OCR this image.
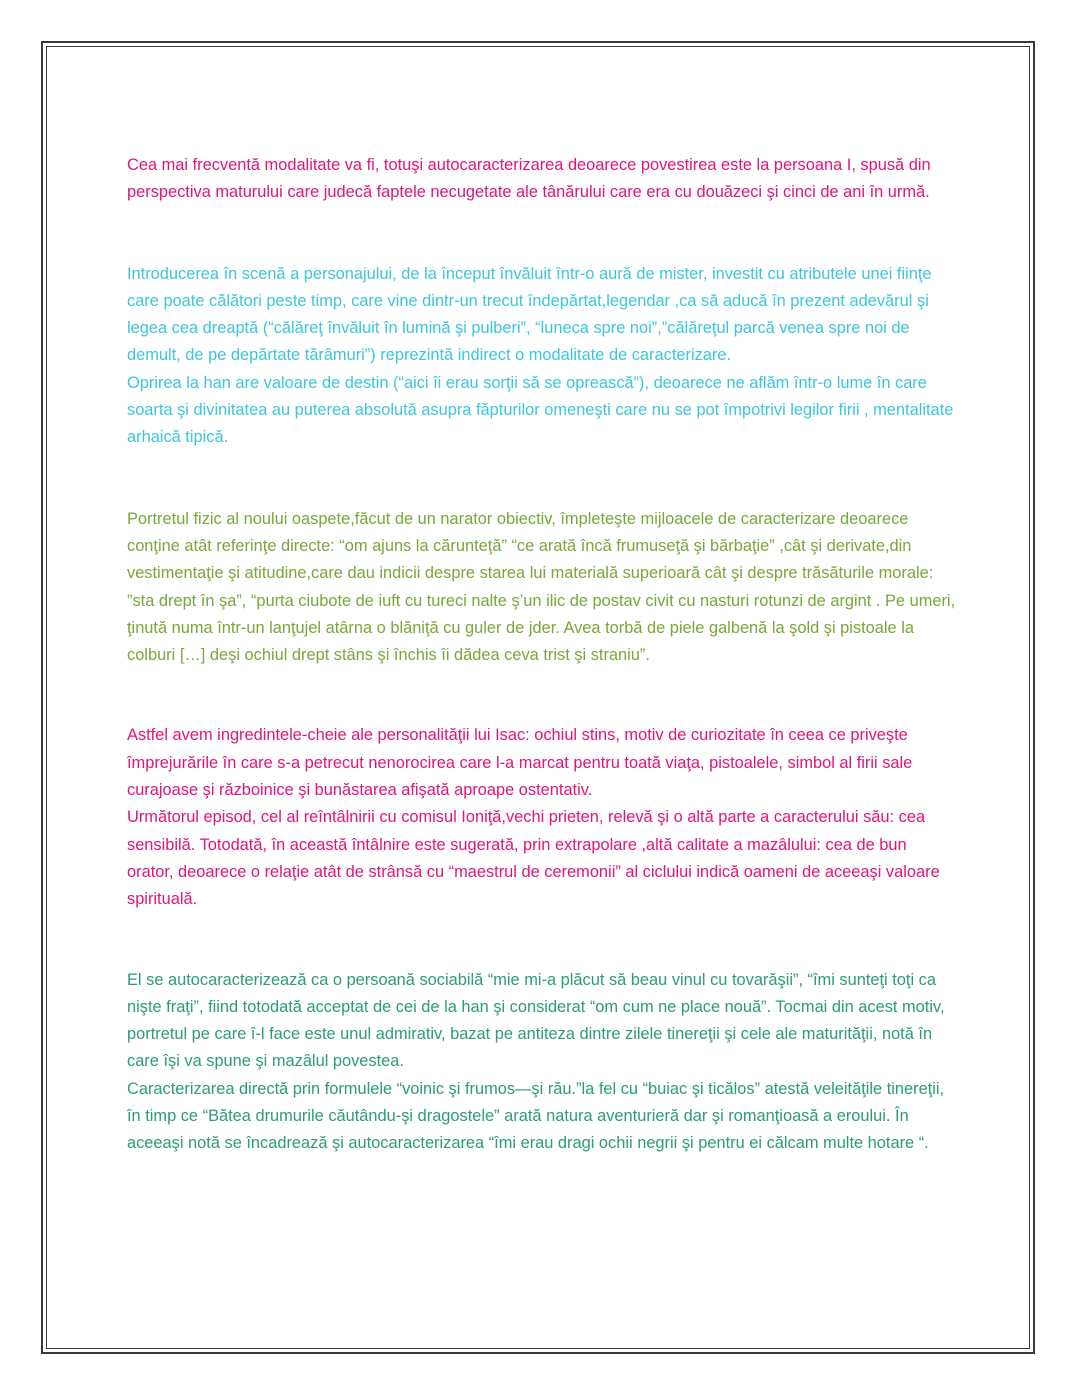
Cea mai frecventă modalitate va fi, totuşi autocaracterizarea deoarece povestirea este la persoana I, spusă din perspectiva maturului care judecă faptele necugetate ale tânărului care era cu douăzeci şi cinci de ani în urmă.

Introducerea în scenă a personajului, de la început învăluit într-o aură de mister, investit cu atributele unei fiinţe care poate călători peste timp, care vine dintr-un trecut îndepărtat,legendar ,ca să aducă în prezent adevărul şi legea cea dreaptă (“călăreţ învăluit în lumină şi pulberi”, “luneca spre noi”,”călăreţul parcă venea spre noi de demult, de pe depărtate tărâmuri”) reprezintă indirect o modalitate de caracterizare.

Oprirea la han are valoare de destin (“aici îi erau sorţii să se oprească”), deoarece ne aflăm într-o lume în care soarta şi divinitatea au puterea absolută asupra făpturilor omeneşti care nu se pot împotrivi legilor firii , mentalitate arhaică tipică.

Portretul fizic al noului oaspete,făcut de un narator obiectiv, împleteşte mijloacele de caracterizare deoarece conţine atât referinţe directe: “om ajuns la cărunteţă” “ce arată încă frumuseţă şi bărbaţie” ,cât şi derivate,din vestimentaţie şi atitudine,care dau indicii despre starea lui materială superioară cât şi despre trăsăturile morale: ”sta drept în şa”, “purta ciubote de iuft cu tureci nalte ş’un ilic de postav civit cu nasturi rotunzi de argint . Pe umeri, ţinută numa într-un lanţujel atârna o blăniţă cu guler de jder. Avea torbă de piele galbenă la şold şi pistoale la colburi […] deşi ochiul drept stâns şi închis îi dădea ceva trist şi straniu”.

Astfel avem ingredintele-cheie ale personalităţii lui Isac: ochiul stins, motiv de curiozitate în ceea ce priveşte împrejurările în care s-a petrecut nenorocirea care l-a marcat pentru toată viaţa, pistoalele, simbol al firii sale curajoase şi războinice şi bunăstarea afişată aproape ostentativ.

Următorul episod, cel al reîntâlnirii cu comisul Ioniţă,vechi prieten, relevă şi o altă parte a caracterului său: cea sensibilă. Totodată, în această întâlnire este sugerată, prin extrapolare ,altă calitate a mazâlului: cea de bun orator, deoarece o relaţie atât de strânsă cu “maestrul de ceremonii” al ciclului indică oameni de aceeaşi valoare spirituală.

El se autocaracterizează ca o persoană sociabilă “mie mi-a plăcut să beau vinul cu tovarăşii”, “îmi sunteţi toţi ca nişte fraţi”, fiind totodată acceptat de cei de la han şi considerat “om cum ne place nouă”. Tocmai din acest motiv, portretul pe care î-l face este unul admirativ, bazat pe antiteza dintre zilele tinereţii şi cele ale maturităţii, notă în care îşi va spune şi mazâlul povestea.

Caracterizarea directă prin formulele “voinic şi frumos—şi rău.”la fel cu “buiac şi ticălos” atestă veleităţile tinereţii, în timp ce “Bătea drumurile căutându-şi dragostele” arată natura aventurieră dar şi romanţioasă a eroului. În aceeaşi notă se încadrează şi autocaracterizarea “îmi erau dragi ochii negrii şi pentru ei călcam multe hotare “.
